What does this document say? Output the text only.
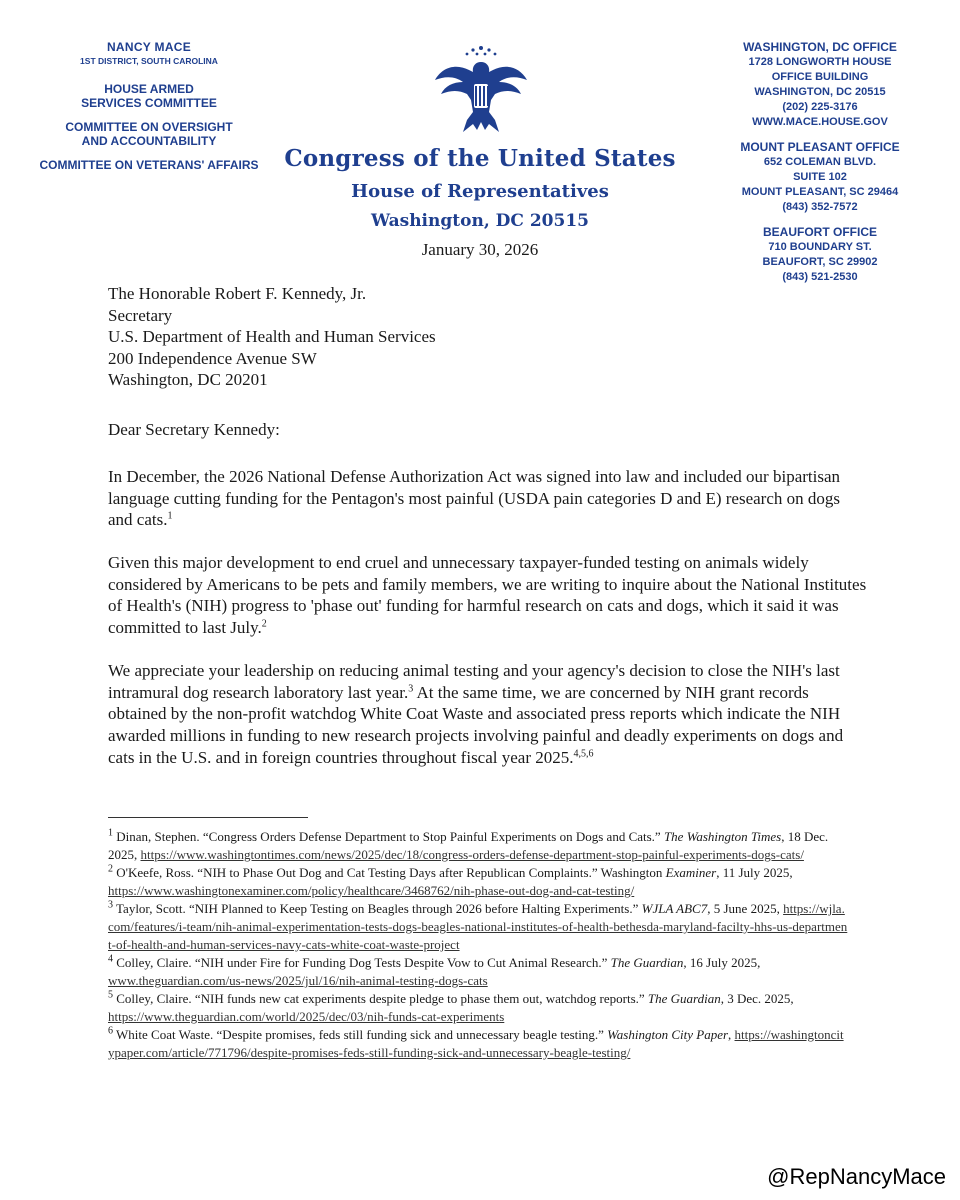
NANCY MACE
1ST DISTRICT, SOUTH CAROLINA
HOUSE ARMED SERVICES COMMITTEE
COMMITTEE ON OVERSIGHT AND ACCOUNTABILITY
COMMITTEE ON VETERANS' AFFAIRS	Congress of the United States
House of Representatives
Washington, DC 20515
January 30, 2026
WASHINGTON, DC OFFICE
1728 LONGWORTH HOUSE
OFFICE BUILDING
WASHINGTON, DC 20515
(202) 225-3176
WWW.MACE.HOUSE.GOV
MOUNT PLEASANT OFFICE
652 COLEMAN BLVD.
SUITE 102
MOUNT PLEASANT, SC 29464
(843) 352-7572
BEAUFORT OFFICE
710 BOUNDARY ST.
BEAUFORT, SC 29902
(843) 521-2530
The Honorable Robert F. Kennedy, Jr.
Secretary
U.S. Department of Health and Human Services
200 Independence Avenue SW
Washington, DC 20201
Dear Secretary Kennedy:
In December, the 2026 National Defense Authorization Act was signed into law and included our bipartisan language cutting funding for the Pentagon's most painful (USDA pain categories D and E) research on dogs and cats.$^1$
Given this major development to end cruel and unnecessary taxpayer-funded testing on animals widely considered by Americans to be pets and family members, we are writing to inquire about the National Institutes of Health's (NIH) progress to 'phase out' funding for harmful research on cats and dogs, which it said it was committed to last July.$^2$
We appreciate your leadership on reducing animal testing and your agency's decision to close the NIH's last intramural dog research laboratory last year.$^3$ At the same time, we are concerned by NIH grant records obtained by the non-profit watchdog White Coat Waste and associated press reports which indicate the NIH awarded millions in funding to new research projects involving painful and deadly experiments on dogs and cats in the U.S. and in foreign countries throughout fiscal year 2025.$^{4,5,6}$

$^1$ Dinan, Stephen. “Congress Orders Defense Department to Stop Painful Experiments on Dogs and Cats.” The Washington Times, 18 Dec. 2025, https://www.washingtontimes.com/news/2025/dec/18/congress-orders-defense-department-stop-painful-experiments-dogs-cats/

$^2$ O'Keefe, Ross. “NIH to Phase Out Dog and Cat Testing Days after Republican Complaints.” Washington Examiner, 11 July 2025, https://www.washingtonexaminer.com/policy/healthcare/3468762/nih-phase-out-dog-and-cat-testing/

$^3$ Taylor, Scott. “NIH Planned to Keep Testing on Beagles through 2026 before Halting Experiments.” WJLA ABC7, 5 June 2025, https://wjla.com/features/i-team/nih-animal-experimentation-tests-dogs-beagles-national-institutes-of-health-bethesda-maryland-facilty-hhs-us-department-of-health-and-human-services-navy-cats-white-coat-waste-project

$^4$ Colley, Claire. “NIH under Fire for Funding Dog Tests Despite Vow to Cut Animal Research.” The Guardian, 16 July 2025, www.theguardian.com/us-news/2025/jul/16/nih-animal-testing-dogs-cats

$^5$ Colley, Claire. “NIH funds new cat experiments despite pledge to phase them out, watchdog reports.” The Guardian, 3 Dec. 2025, https://www.theguardian.com/world/2025/dec/03/nih-funds-cat-experiments

$^6$ White Coat Waste. “Despite promises, feds still funding sick and unnecessary beagle testing.” Washington City Paper, https://washingtoncitypaper.com/article/771796/despite-promises-feds-still-funding-sick-and-unnecessary-beagle-testing/

@RepNancyMace
